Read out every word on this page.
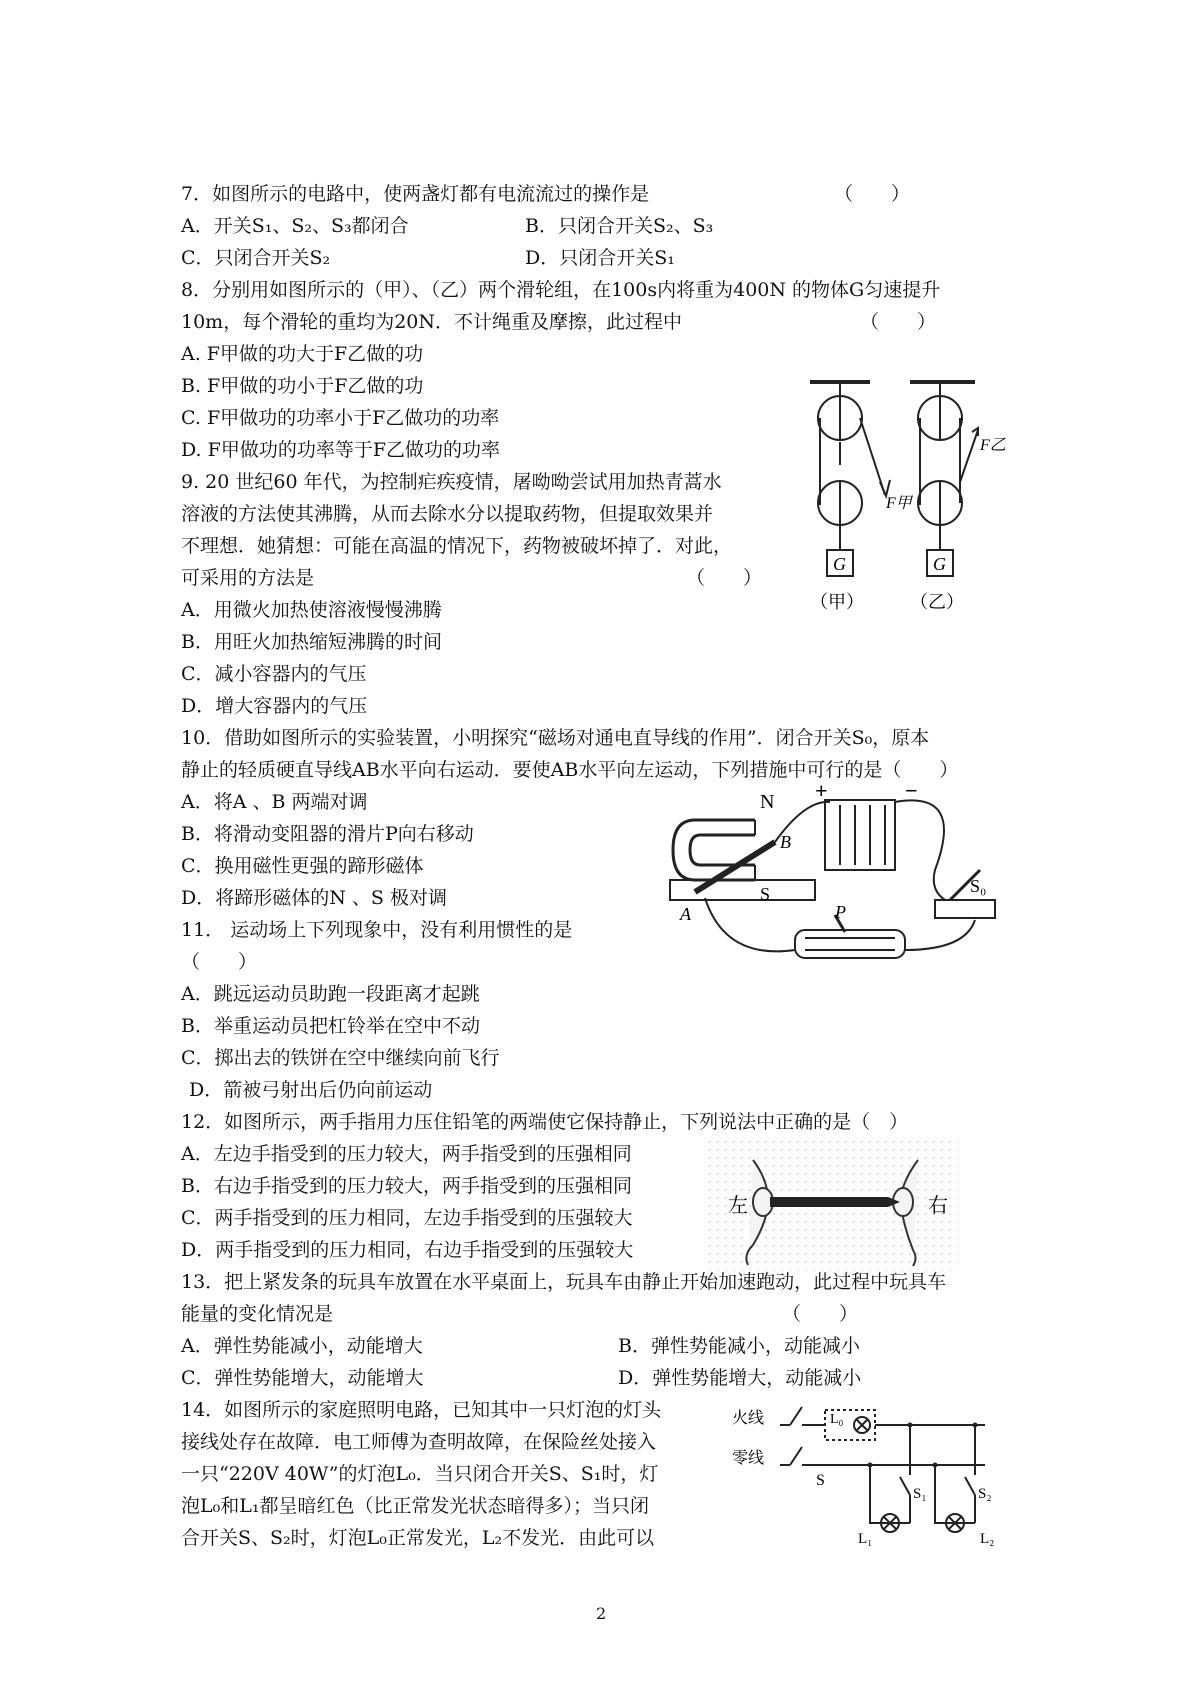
7．如图所示的电路中，使两盏灯都有电流流过的操作是	（　　）
A．开关S₁、S₂、S₃都闭合	B．只闭合开关S₂、S₃
C．只闭合开关S₂	D．只闭合开关S₁
8．分别用如图所示的（甲）、（乙）两个滑轮组，在100s内将重为400N 的物体G匀速提升
10m，每个滑轮的重均为20N．不计绳重及摩擦，此过程中	（　　）
A. F甲做的功大于F乙做的功
B. F甲做的功小于F乙做的功
C. F甲做功的功率小于F乙做功的功率
D. F甲做功的功率等于F乙做功的功率
G	G
F甲
F乙
（甲）	（乙）
9. 20 世纪60 年代，为控制疟疾疫情，屠呦呦尝试用加热青蒿水
溶液的方法使其沸腾，从而去除水分以提取药物，但提取效果并
不理想．她猜想：可能在高温的情况下，药物被破坏掉了．对此，
可采用的方法是	（　　）
A．用微火加热使溶液慢慢沸腾
B．用旺火加热缩短沸腾的时间
C．减小容器内的气压
D．增大容器内的气压
10．借助如图所示的实验装置，小明探究“磁场对通电直导线的作用”．闭合开关S₀，原本
静止的轻质硬直导线AB水平向右运动．要使AB水平向左运动，下列措施中可行的是（　　）
A．将A 、B 两端对调
B．将滑动变阻器的滑片P向右移动
C．换用磁性更强的蹄形磁体
D．将蹄形磁体的N 、S 极对调
N
S
A
B
P
S₀
+	−
11． 运动场上下列现象中，没有利用惯性的是
（　　）
A．跳远运动员助跑一段距离才起跳
B．举重运动员把杠铃举在空中不动
C．掷出去的铁饼在空中继续向前飞行
D．箭被弓射出后仍向前运动
12．如图所示，两手指用力压住铅笔的两端使它保持静止，下列说法中正确的是（　）
A．左边手指受到的压力较大，两手指受到的压强相同
B．右边手指受到的压力较大，两手指受到的压强相同
C．两手指受到的压力相同，左边手指受到的压强较大
D．两手指受到的压力相同，右边手指受到的压强较大
左	右
13．把上紧发条的玩具车放置在水平桌面上，玩具车由静止开始加速跑动，此过程中玩具车
能量的变化情况是	（　　）
A．弹性势能减小，动能增大	B．弹性势能减小，动能减小
C．弹性势能增大，动能增大	D．弹性势能增大，动能减小
14．如图所示的家庭照明电路，已知其中一只灯泡的灯头
接线处存在故障．电工师傅为查明故障，在保险丝处接入
一只“220V 40W”的灯泡L₀．当只闭合开关S、S₁时，灯
泡L₀和L₁都呈暗红色（比正常发光状态暗得多）；当只闭
合开关S、S₂时，灯泡L₀正常发光，L₂不发光．由此可以
火线
零线
L₀
S
S₁	S₂
L₁	L₂
2
